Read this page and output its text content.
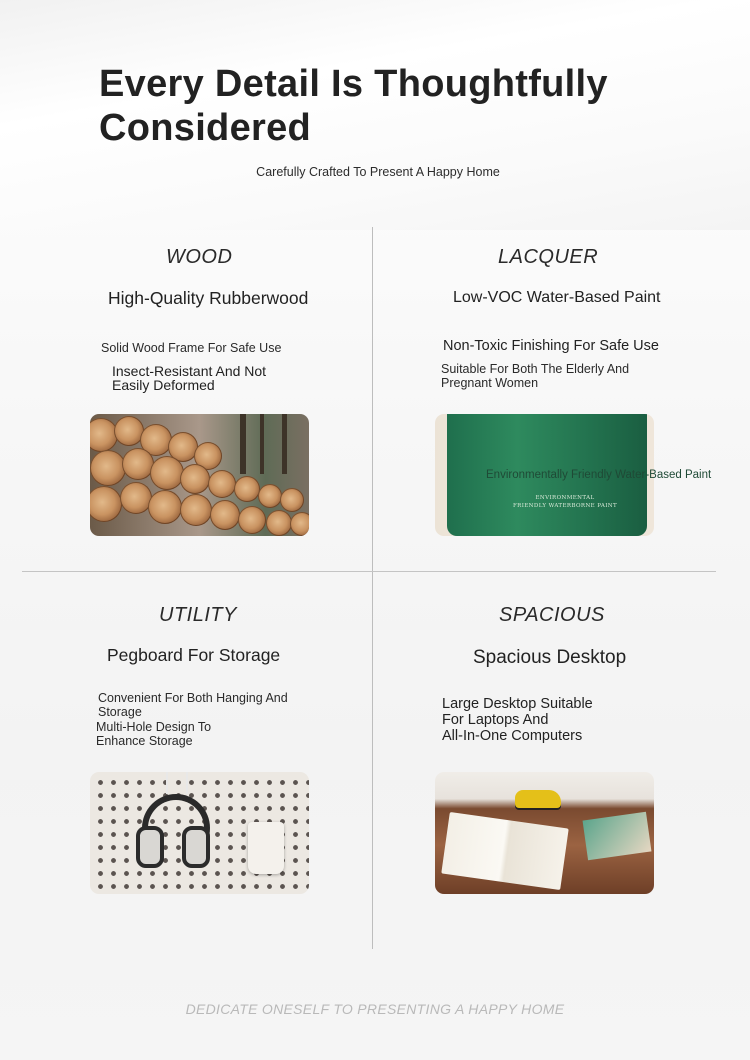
Every Detail Is Thoughtfully
Considered
Carefully Crafted To Present A Happy Home
WOOD
High-Quality Rubberwood
Solid Wood Frame For Safe Use
Insect-Resistant And Not
Easily Deformed
LACQUER
Low-VOC Water-Based Paint
Non-Toxic Finishing For Safe Use
Suitable For Both The Elderly And
Pregnant Women
ENVIRONMENTAL
FRIENDLY WATERBORNE PAINT
Environmentally Friendly Water-Based Paint
UTILITY
Pegboard For Storage
Convenient For Both Hanging And
Storage
Multi-Hole Design To
Enhance Storage
SPACIOUS
Spacious Desktop
Large Desktop Suitable
For Laptops And
All-In-One Computers
DEDICATE ONESELF TO PRESENTING A HAPPY HOME
